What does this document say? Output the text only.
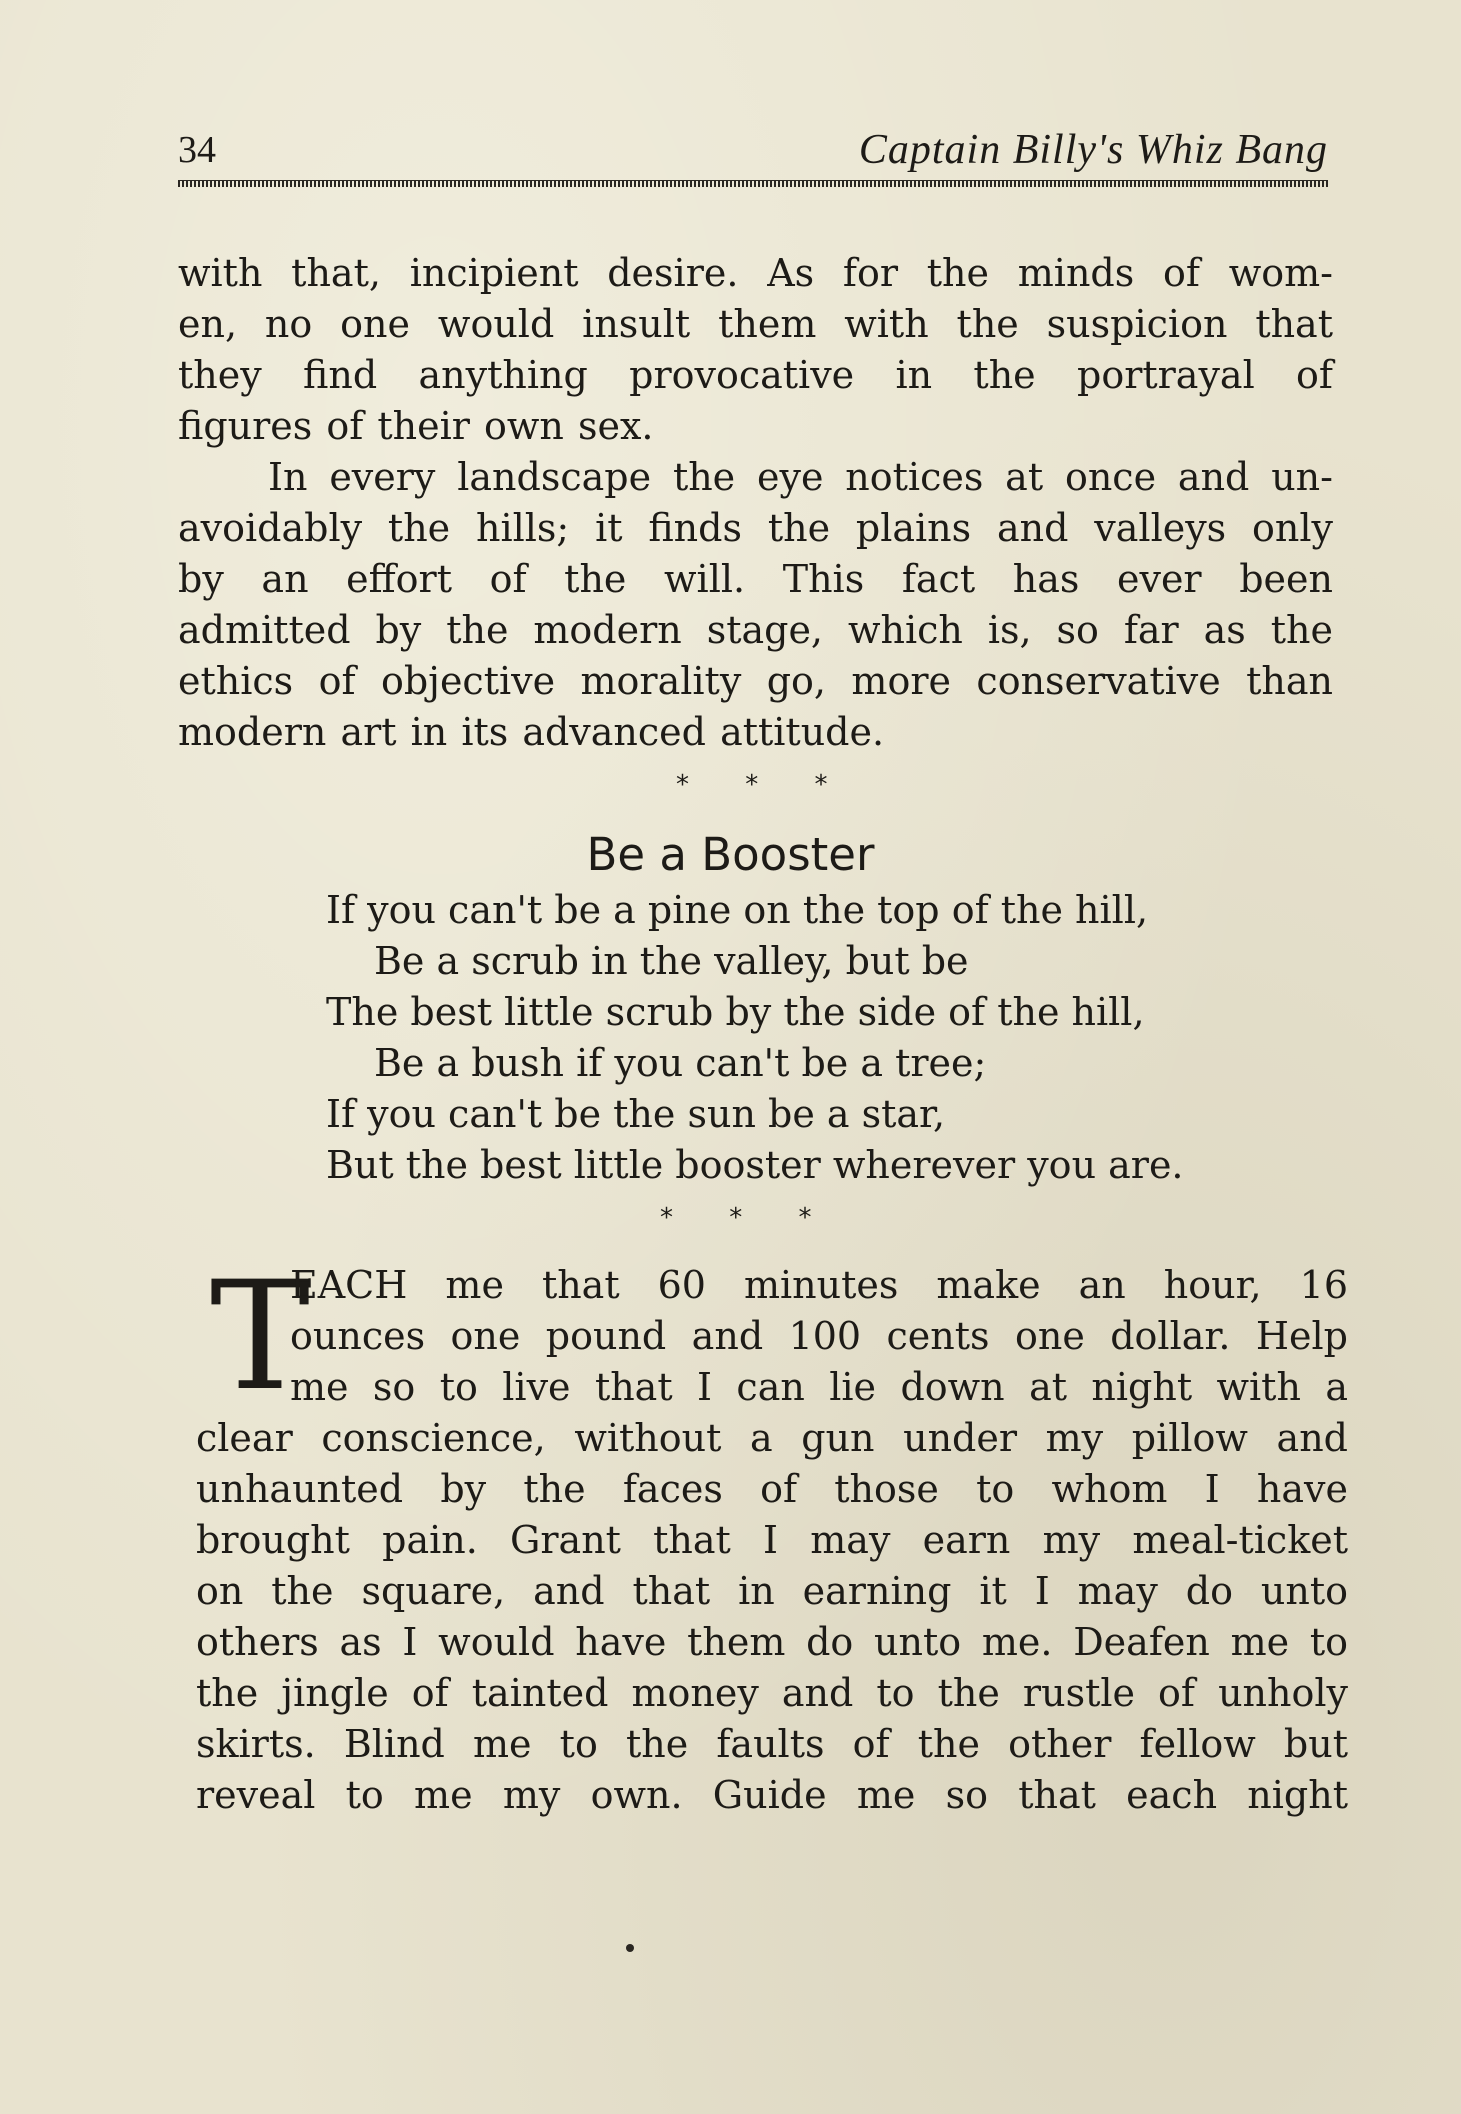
34	Captain Billy's Whiz Bang
with that, incipient desire. As for the minds of wom-
en, no one would insult them with the suspicion that
they find anything provocative in the portrayal of
figures of their own sex.
In every landscape the eye notices at once and un-
avoidably the hills; it finds the plains and valleys only
by an effort of the will. This fact has ever been
admitted by the modern stage, which is, so far as the
ethics of objective morality go, more conservative than
modern art in its advanced attitude.
* * *
Be a Booster
If you can't be a pine on the top of the hill,
Be a scrub in the valley, but be
The best little scrub by the side of the hill,
Be a bush if you can't be a tree;
If you can't be the sun be a star,
But the best little booster wherever you are.
* * *
T
EACH me that 60 minutes make an hour, 16
ounces one pound and 100 cents one dollar. Help
me so to live that I can lie down at night with a
clear conscience, without a gun under my pillow and
unhaunted by the faces of those to whom I have
brought pain. Grant that I may earn my meal-ticket
on the square, and that in earning it I may do unto
others as I would have them do unto me. Deafen me to
the jingle of tainted money and to the rustle of unholy
skirts. Blind me to the faults of the other fellow but
reveal to me my own. Guide me so that each night
